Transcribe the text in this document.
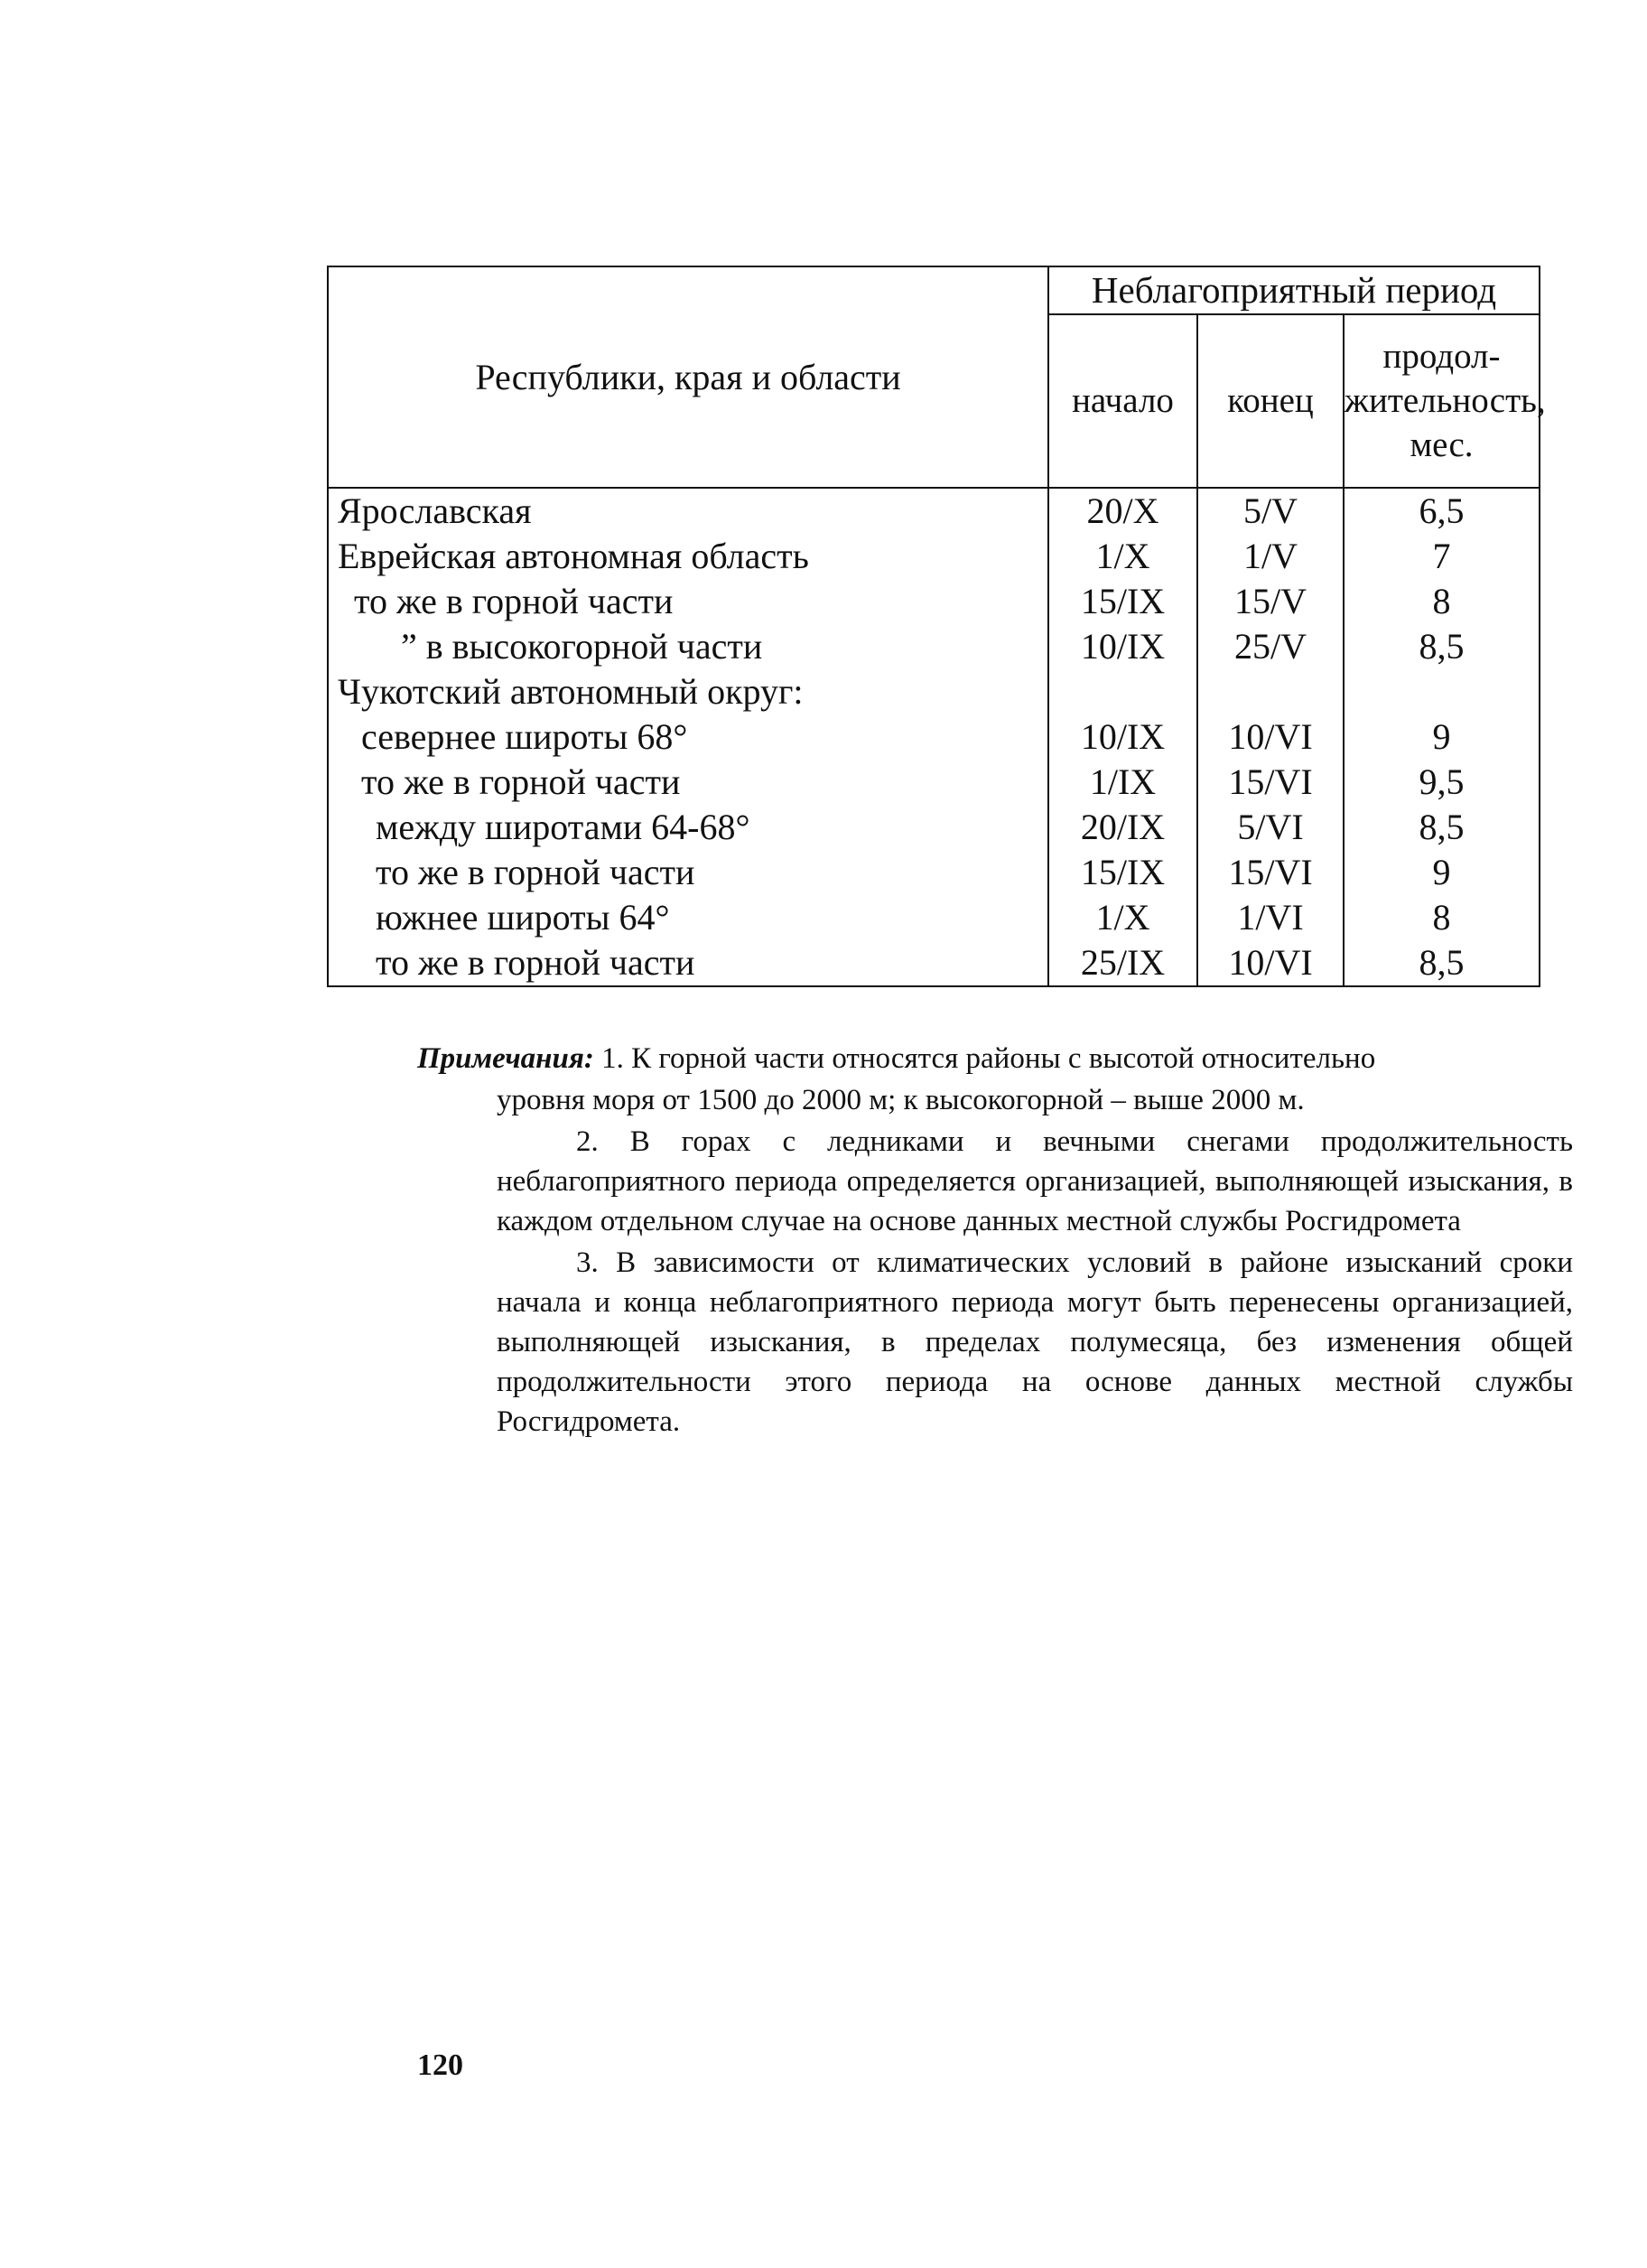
Республики, края и области	Неблагоприятный период		
	начало	конец	продол-жительность, мес.
Ярославская	20/X	5/V	6,5
Еврейская автономная область	1/X	1/V	7
то же в горной части	15/IX	15/V	8
” в высокогорной части	10/IX	25/V	8,5
Чукотский автономный округ:			
севернее широты 68°	10/IX	10/VI	9
то же в горной части	1/IX	15/VI	9,5
между широтами 64-68°	20/IX	5/VI	8,5
то же в горной части	15/IX	15/VI	9
южнее широты 64°	1/X	1/VI	8
то же в горной части	25/IX	10/VI	8,5

Примечания: 1. К горной части относятся районы с высотой относительно

уровня моря от 1500 до 2000 м; к высокогорной – выше 2000 м.

2. В горах с ледниками и вечными снегами продолжительность неблагоприятного периода определяется организацией, выполняющей изыскания, в каждом отдельном случае на основе данных местной службы Росгидромета

3. В зависимости от климатических условий в районе изысканий сроки начала и конца неблагоприятного периода могут быть перенесены организацией, выполняющей изыскания, в пределах полумесяца, без изменения общей продолжительности этого периода на основе данных местной службы Росгидромета.

120
